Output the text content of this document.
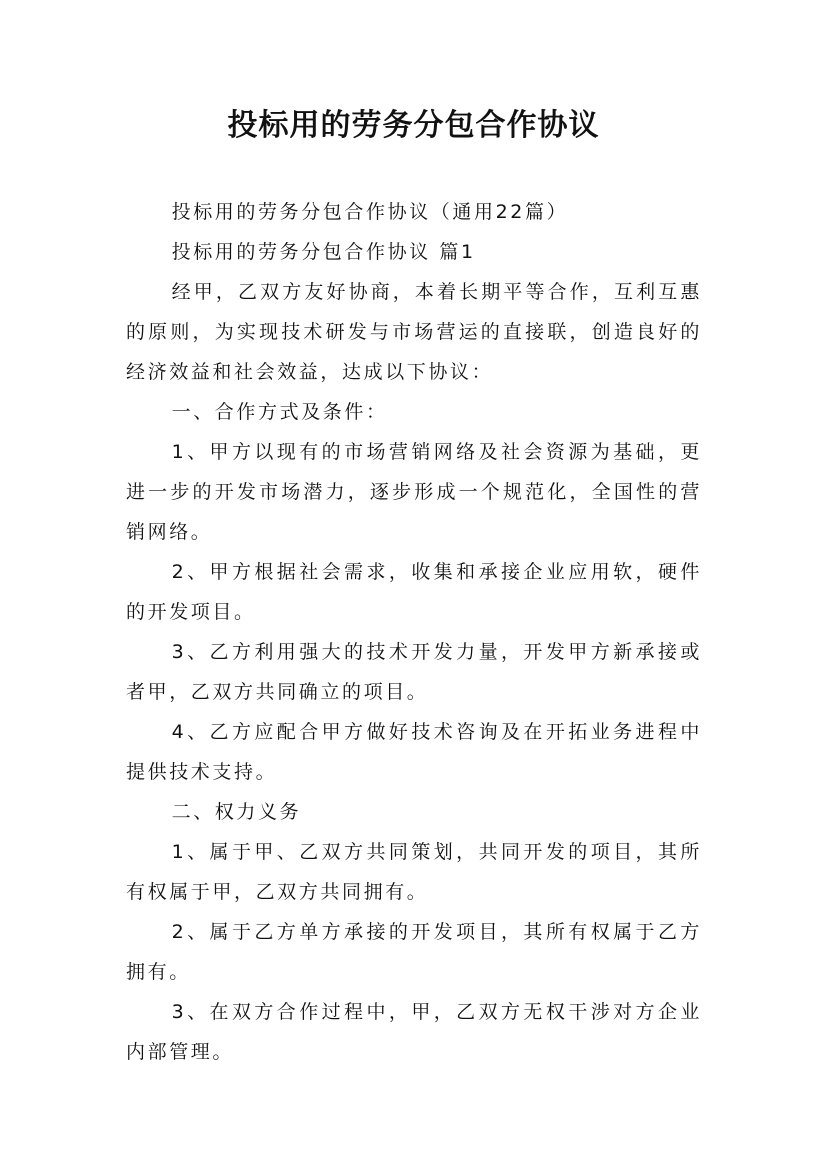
投标用的劳务分包合作协议

投标用的劳务分包合作协议（通用22篇）

投标用的劳务分包合作协议 篇1

经甲，乙双方友好协商，本着长期平等合作，互利互惠的原则，为实现技术研发与市场营运的直接联，创造良好的经济效益和社会效益，达成以下协议：

一、合作方式及条件：

1、甲方以现有的市场营销网络及社会资源为基础，更进一步的开发市场潜力，逐步形成一个规范化，全国性的营销网络。

2、甲方根据社会需求，收集和承接企业应用软，硬件的开发项目。

3、乙方利用强大的技术开发力量，开发甲方新承接或者甲，乙双方共同确立的项目。

4、乙方应配合甲方做好技术咨询及在开拓业务进程中提供技术支持。

二、权力义务

1、属于甲、乙双方共同策划，共同开发的项目，其所有权属于甲，乙双方共同拥有。

2、属于乙方单方承接的开发项目，其所有权属于乙方拥有。

3、在双方合作过程中，甲，乙双方无权干涉对方企业内部管理。
